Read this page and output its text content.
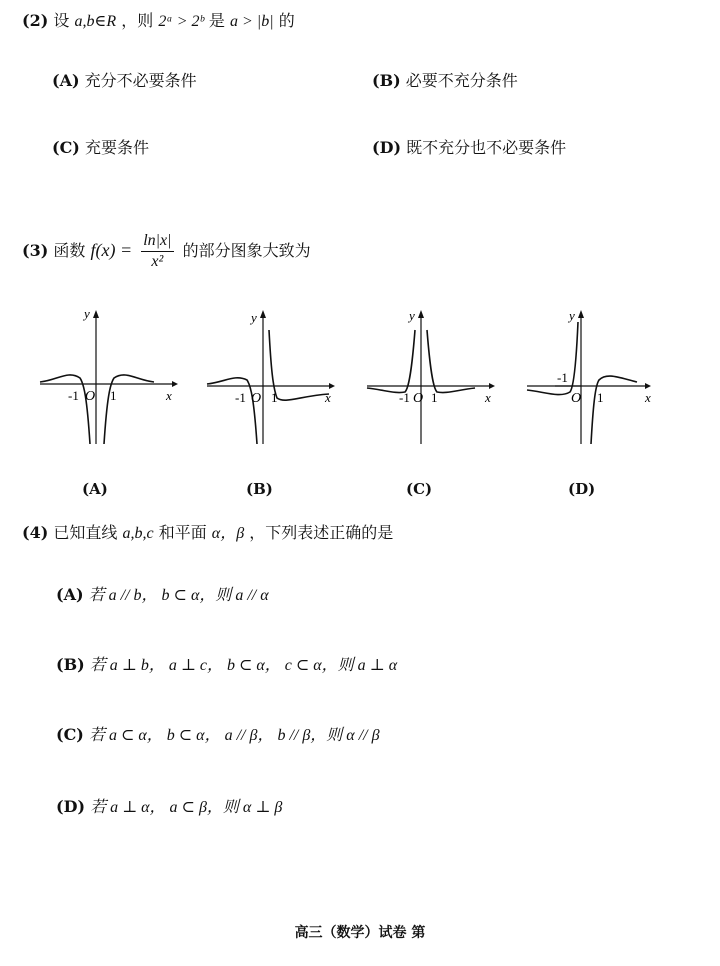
(2) 设 a,b∈R ，则 2ᵃ > 2ᵇ 是 a > |b| 的
(A) 充分不必要条件	(B) 必要不充分条件
(C) 充要条件	(D) 既不充分也不必要条件
(3) 函数 $f(x) = \frac{\ln|x|}{\text{x²}}$ 的部分图象大致为
-1 O 1	x
y
(A)
-1 O 1	x
y
(B)
-1 O 1	x
y
(C)
-1
O 1	x
y
(D)
(4) 已知直线 a,b,c 和平面 α，β ，下列表述正确的是
(A) 若 a // b， b ⊂ α，则 a // α
(B) 若 a ⊥ b， a ⊥ c， b ⊂ α， c ⊂ α，则 a ⊥ α
(C) 若 a ⊂ α， b ⊂ α， a // β， b // β，则 α // β
(D) 若 a ⊥ α， a ⊂ β，则 α ⊥ β
高三（数学）试卷 第
